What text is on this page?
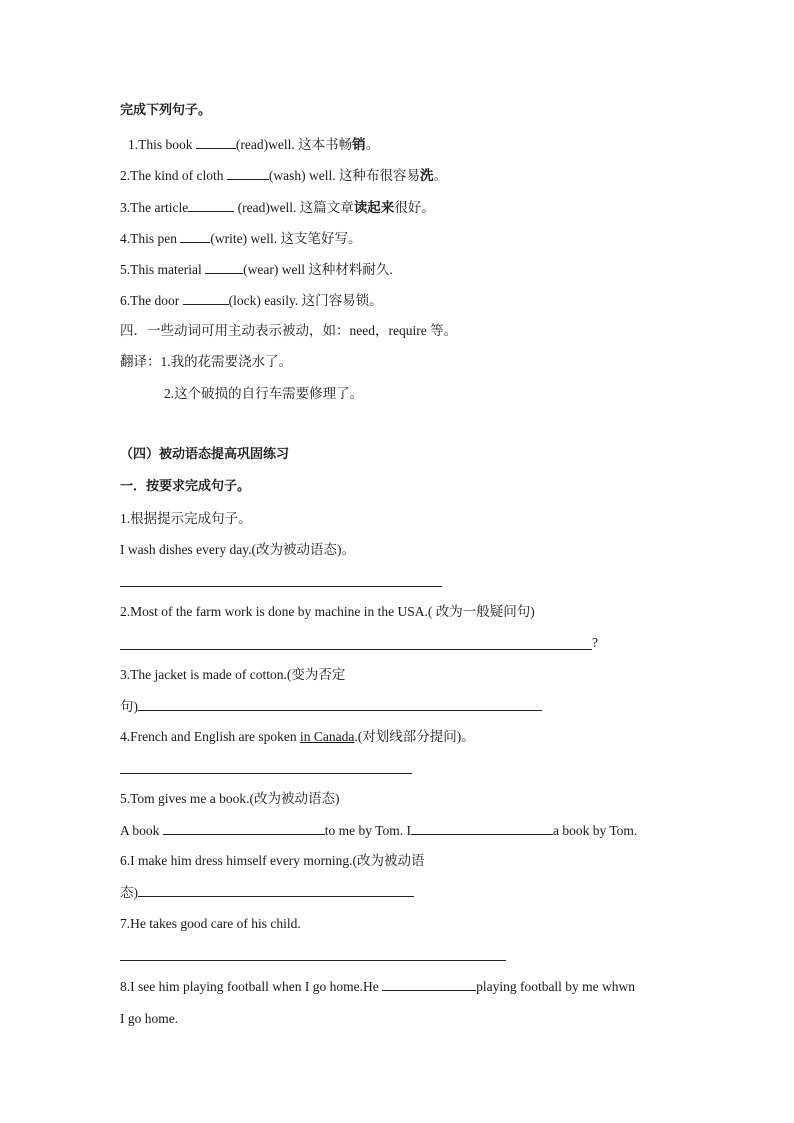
完成下列句子。
1.This book	(read)well. 这本书畅销。
2.The kind of cloth	(wash) well. 这种布很容易洗。
3.The article	(read)well. 这篇文章读起来很好。
4.This pen (write) well. 这支笔好写。
5.This material	(wear) well 这种材料耐久.
6.The door	(lock) easily. 这门容易锁。
四．一些动词可用主动表示被动，如：need，require 等。
翻译：1.我的花需要浇水了。
2.这个破损的自行车需要修理了。
（四）被动语态提高巩固练习
一．按要求完成句子。
1.根据提示完成句子。
I wash dishes every day.(改为被动语态)。
2.Most of the farm work is done by machine in the USA.( 改为一般疑问句)
?
3.The jacket is made of cotton.(变为否定
句)
4.French and English are spoken in Canada.(对划线部分提问)。
5.Tom gives me a book.(改为被动语态)
A book	to me by Tom. I	a book by Tom.
6.I make him dress himself every morning.(改为被动语
态)
7.He takes good care of his child.
8.I see him playing football when I go home.He	playing football by me whwn
I go home.
